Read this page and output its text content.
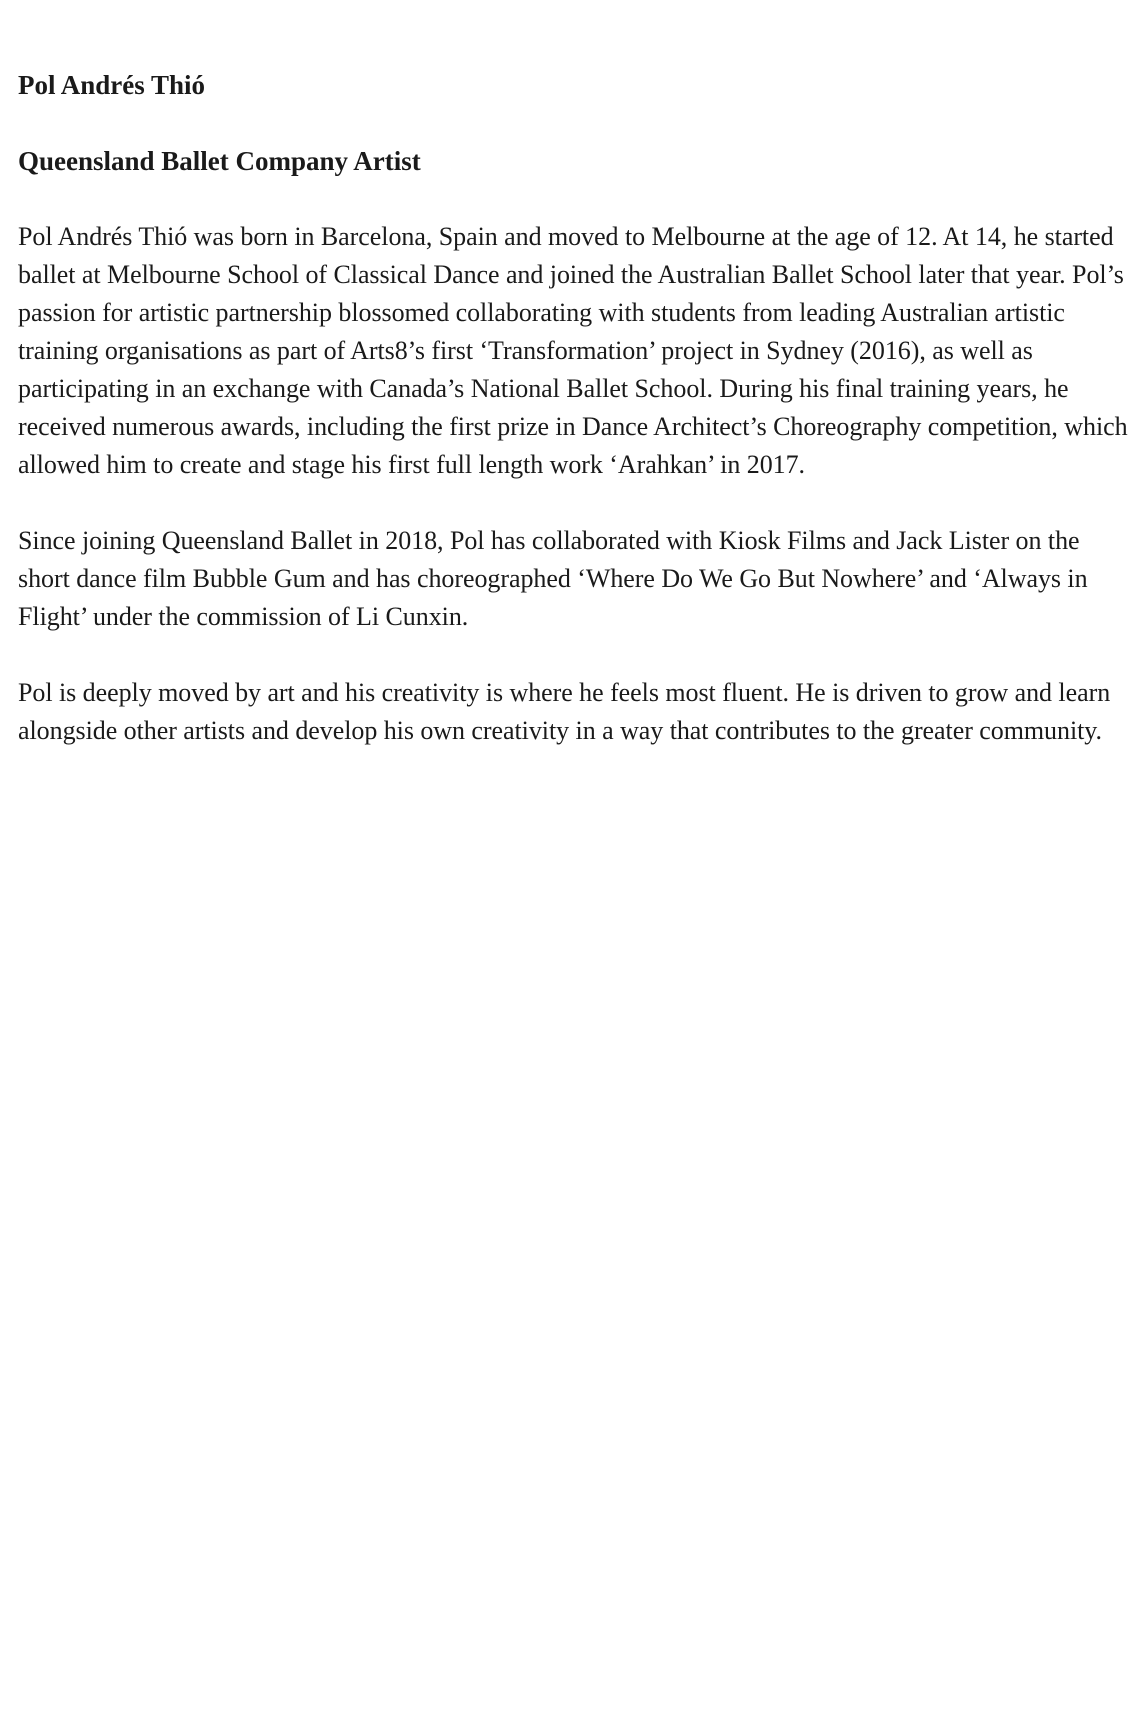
Pol Andrés Thió
Queensland Ballet Company Artist

Pol Andrés Thió was born in Barcelona, Spain and moved to Melbourne at the age of 12. At 14, he started ballet at Melbourne School of Classical Dance and joined the Australian Ballet School later that year. Pol’s passion for artistic partnership blossomed collaborating with students from leading Australian artistic training organisations as part of Arts8’s first ‘Transformation’ project in Sydney (2016), as well as participating in an exchange with Canada’s National Ballet School. During his final training years, he received numerous awards, including the first prize in Dance Architect’s Choreography competition, which allowed him to create and stage his first full length work ‘Arahkan’ in 2017.

Since joining Queensland Ballet in 2018, Pol has collaborated with Kiosk Films and Jack Lister on the short dance film Bubble Gum and has choreographed ‘Where Do We Go But Nowhere’ and ‘Always in Flight’ under the commission of Li Cunxin.

Pol is deeply moved by art and his creativity is where he feels most fluent. He is driven to grow and learn alongside other artists and develop his own creativity in a way that contributes to the greater community.
